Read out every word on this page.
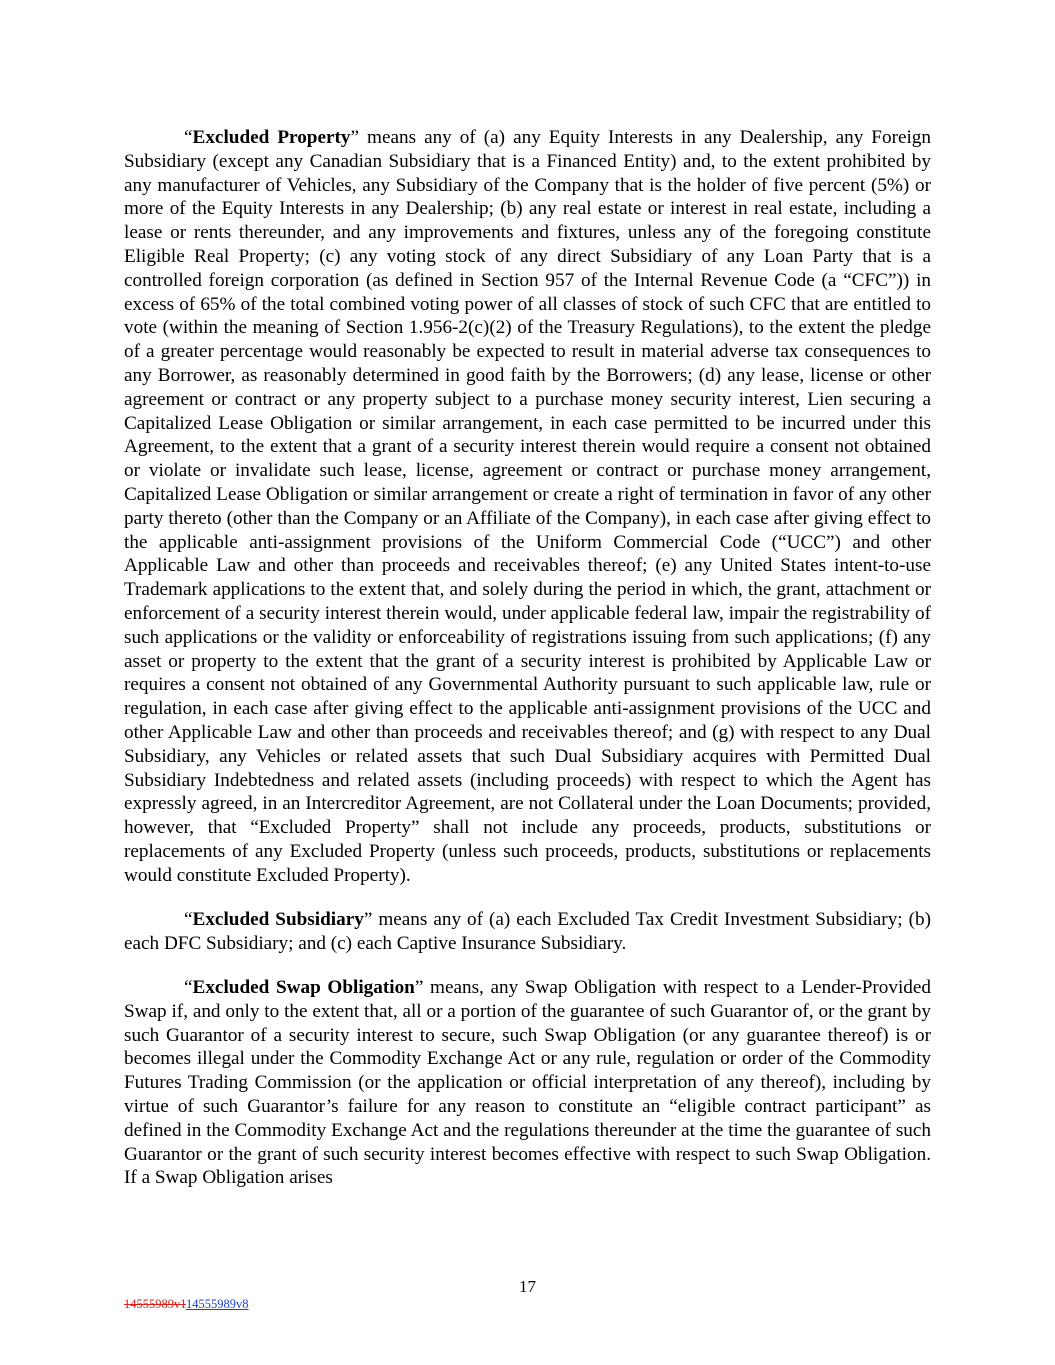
“Excluded Property” means any of (a) any Equity Interests in any Dealership, any Foreign Subsidiary (except any Canadian Subsidiary that is a Financed Entity) and, to the extent prohibited by any manufacturer of Vehicles, any Subsidiary of the Company that is the holder of five percent (5%) or more of the Equity Interests in any Dealership; (b) any real estate or interest in real estate, including a lease or rents thereunder, and any improvements and fixtures, unless any of the foregoing constitute Eligible Real Property; (c) any voting stock of any direct Subsidiary of any Loan Party that is a controlled foreign corporation (as defined in Section 957 of the Internal Revenue Code (a “CFC”)) in excess of 65% of the total combined voting power of all classes of stock of such CFC that are entitled to vote (within the meaning of Section 1.956-2(c)(2) of the Treasury Regulations), to the extent the pledge of a greater percentage would reasonably be expected to result in material adverse tax consequences to any Borrower, as reasonably determined in good faith by the Borrowers; (d) any lease, license or other agreement or contract or any property subject to a purchase money security interest, Lien securing a Capitalized Lease Obligation or similar arrangement, in each case permitted to be incurred under this Agreement, to the extent that a grant of a security interest therein would require a consent not obtained or violate or invalidate such lease, license, agreement or contract or purchase money arrangement, Capitalized Lease Obligation or similar arrangement or create a right of termination in favor of any other party thereto (other than the Company or an Affiliate of the Company), in each case after giving effect to the applicable anti-assignment provisions of the Uniform Commercial Code (“UCC”) and other Applicable Law and other than proceeds and receivables thereof; (e) any United States intent-to-use Trademark applications to the extent that, and solely during the period in which, the grant, attachment or enforcement of a security interest therein would, under applicable federal law, impair the registrability of such applications or the validity or enforceability of registrations issuing from such applications; (f) any asset or property to the extent that the grant of a security interest is prohibited by Applicable Law or requires a consent not obtained of any Governmental Authority pursuant to such applicable law, rule or regulation, in each case after giving effect to the applicable anti-assignment provisions of the UCC and other Applicable Law and other than proceeds and receivables thereof; and (g) with respect to any Dual Subsidiary, any Vehicles or related assets that such Dual Subsidiary acquires with Permitted Dual Subsidiary Indebtedness and related assets (including proceeds) with respect to which the Agent has expressly agreed, in an Intercreditor Agreement, are not Collateral under the Loan Documents; provided, however, that “Excluded Property” shall not include any proceeds, products, substitutions or replacements of any Excluded Property (unless such proceeds, products, substitutions or replacements would constitute Excluded Property).

“Excluded Subsidiary” means any of (a) each Excluded Tax Credit Investment Subsidiary; (b) each DFC Subsidiary; and (c) each Captive Insurance Subsidiary.

“Excluded Swap Obligation” means, any Swap Obligation with respect to a Lender-Provided Swap if, and only to the extent that, all or a portion of the guarantee of such Guarantor of, or the grant by such Guarantor of a security interest to secure, such Swap Obligation (or any guarantee thereof) is or becomes illegal under the Commodity Exchange Act or any rule, regulation or order of the Commodity Futures Trading Commission (or the application or official interpretation of any thereof), including by virtue of such Guarantor’s failure for any reason to constitute an “eligible contract participant” as defined in the Commodity Exchange Act and the regulations thereunder at the time the guarantee of such Guarantor or the grant of such security interest becomes effective with respect to such Swap Obligation. If a Swap Obligation arises

17
14555989v114555989v8
